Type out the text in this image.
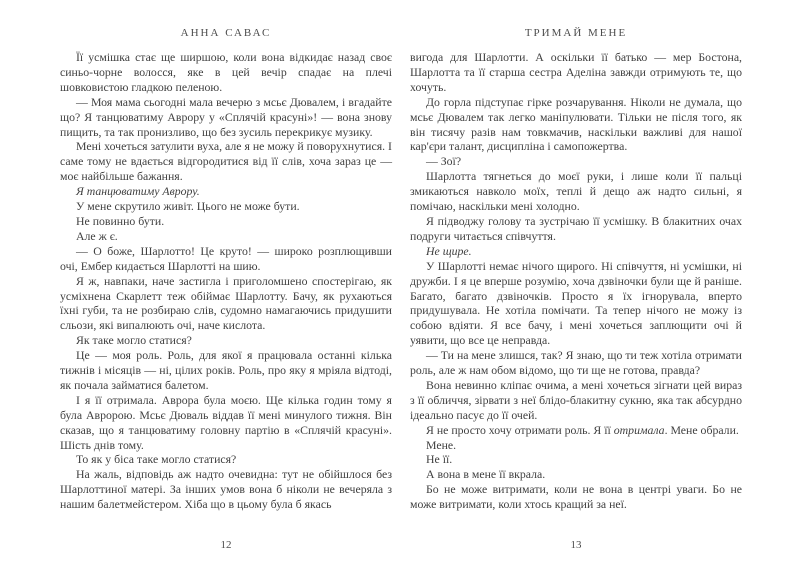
АННА САВАС

Її усмішка стає ще ширшою, коли вона відкидає назад своє синьо-чорне волосся, яке в цей вечір спадає на плечі шовковистою гладкою пеленою.

— Моя мама сьогодні мала вечерю з мсьє Дювалем, і вгадайте що? Я танцюватиму Аврору у «Сплячій красуні»! — вона знову пищить, та так пронизливо, що без зусиль перекрикує музику.

Мені хочеться затулити вуха, але я не можу й поворухнутися. І саме тому не вдається відгородитися від її слів, хоча зараз це — моє найбільше бажання.

Я танцюватиму Аврору.

У мене скрутило живіт. Цього не може бути.

Не повинно бути.

Але ж є.

— О боже, Шарлотто! Це круто! — широко розплющивши очі, Ембер кидається Шарлотті на шию.

Я ж, навпаки, наче застигла і приголомшено спостерігаю, як усміхнена Скарлетт теж обіймає Шарлотту. Бачу, як рухаються їхні губи, та не розбираю слів, судомно намагаючись придушити сльози, які випалюють очі, наче кислота.

Як таке могло статися?

Це — моя роль. Роль, для якої я працювала останні кілька тижнів і місяців — ні, цілих років. Роль, про яку я мріяла відтоді, як почала займатися балетом.

І я її отримала. Аврора була моєю. Ще кілька годин тому я була Авророю. Мсьє Дюваль віддав її мені минулого тижня. Він сказав, що я танцюватиму головну партію в «Сплячій красуні». Шість днів тому.

То як у біса таке могло статися?

На жаль, відповідь аж надто очевидна: тут не обійшлося без Шарлоттиної матері. За інших умов вона б ніколи не вечеряла з нашим балетмейстером. Хіба що в цьому була б якась

12
ТРИМАЙ МЕНЕ

вигода для Шарлотти. А оскільки її батько — мер Бостона, Шарлотта та її старша сестра Аделіна завжди отримують те, що хочуть.

До горла підступає гірке розчарування. Ніколи не думала, що мсьє Дювалем так легко маніпулювати. Тільки не після того, як він тисячу разів нам товкмачив, наскільки важливі для нашої кар'єри талант, дисципліна і самопожертва.

— Зої?

Шарлотта тягнеться до моєї руки, і лише коли її пальці змикаються навколо моїх, теплі й дещо аж надто сильні, я помічаю, наскільки мені холодно.

Я підводжу голову та зустрічаю її усмішку. В блакитних очах подруги читається співчуття.

Не щире.

У Шарлотті немає нічого щирого. Ні співчуття, ні усмішки, ні дружби. І я це вперше розумію, хоча дзвіночки були ще й раніше. Багато, багато дзвіночків. Просто я їх ігнорувала, вперто придушувала. Не хотіла помічати. Та тепер нічого не можу із собою вдіяти. Я все бачу, і мені хочеться заплющити очі й уявити, що все це неправда.

— Ти на мене злишся, так? Я знаю, що ти теж хотіла отримати роль, але ж нам обом відомо, що ти ще не готова, правда?

Вона невинно кліпає очима, а мені хочеться зігнати цей вираз з її обличчя, зірвати з неї блідо-блакитну сукню, яка так абсурдно ідеально пасує до її очей.

Я не просто хочу отримати роль. Я її отримала. Мене обрали.

Мене.

Не її.

А вона в мене її вкрала.

Бо не може витримати, коли не вона в центрі уваги. Бо не може витримати, коли хтось кращий за неї.

13
